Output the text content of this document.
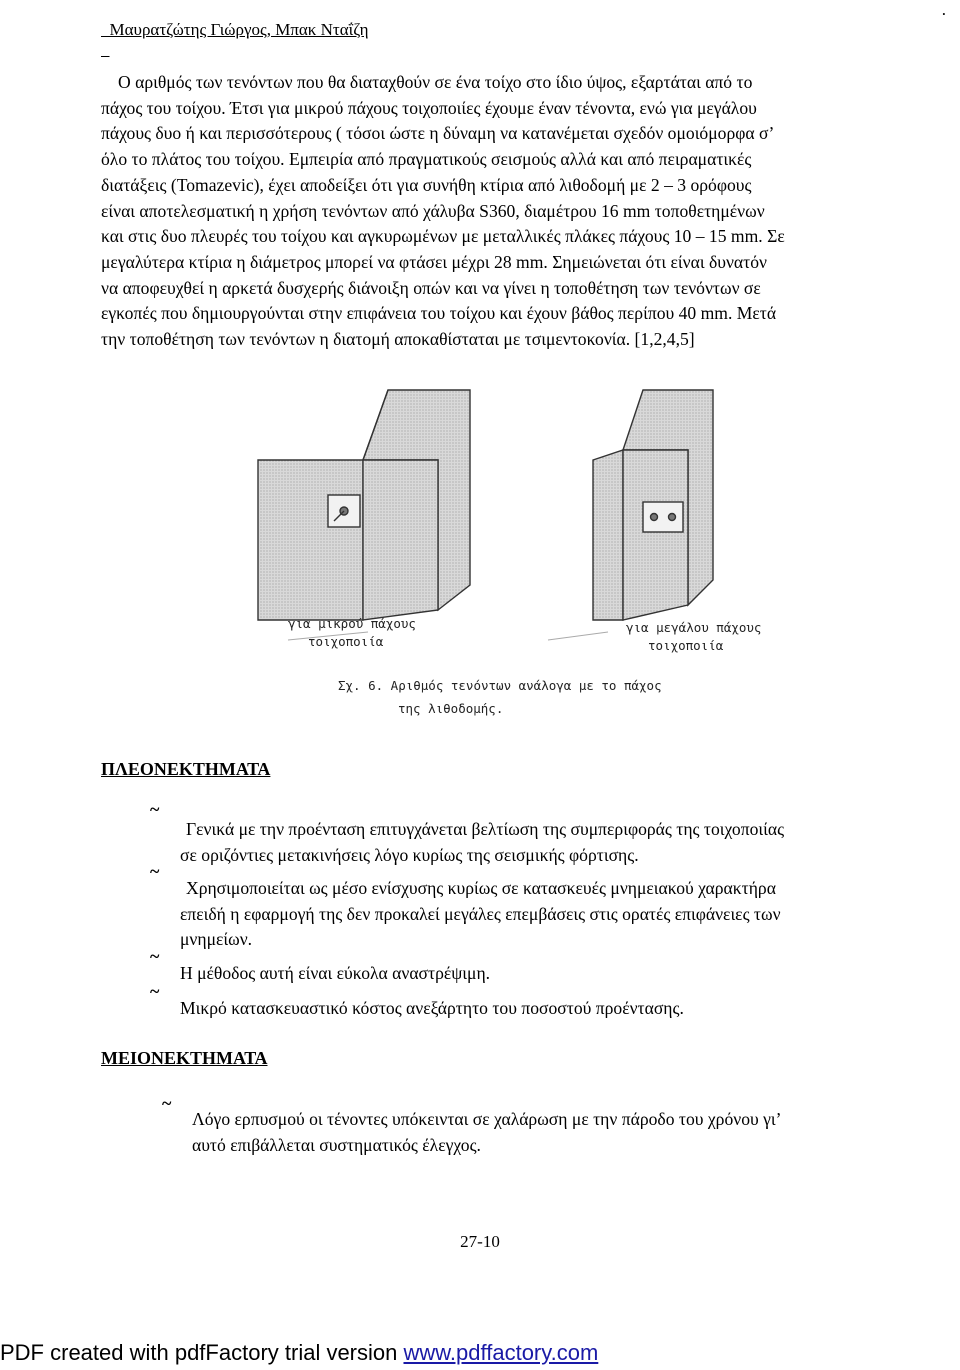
Μαυρατζώτης Γιώργος, Μπακ Νταΐζη

.

Ο αριθμός των τενόντων που θα διαταχθούν σε ένα τοίχο στο ίδιο ύψος, εξαρτάται από το
πάχος του τοίχου. Έτσι για μικρού πάχους τοιχοποιίες έχουμε έναν τένοντα, ενώ για μεγάλου
πάχους δυο ή και περισσότερους ( τόσοι ώστε η δύναμη να κατανέμεται σχεδόν ομοιόμορφα σ’
όλο το πλάτος του τοίχου. Εμπειρία από πραγματικούς σεισμούς αλλά και από πειραματικές
διατάξεις (Tomazevic), έχει αποδείξει ότι για συνήθη κτίρια από λιθοδομή με 2 – 3 ορόφους
είναι αποτελεσματική η χρήση τενόντων από χάλυβα S360, διαμέτρου 16 mm τοποθετημένων
και στις δυο πλευρές του τοίχου και αγκυρωμένων με μεταλλικές πλάκες πάχους 10 – 15 mm. Σε
μεγαλύτερα κτίρια η διάμετρος μπορεί να φτάσει μέχρι 28 mm. Σημειώνεται ότι είναι δυνατόν
να αποφευχθεί η αρκετά δυσχερής διάνοιξη οπών και να γίνει η τοποθέτηση των τενόντων σε
εγκοπές που δημιουργούνται στην επιφάνεια του τοίχου και έχουν βάθος περίπου 40 mm. Μετά
την τοποθέτηση των τενόντων η διατομή αποκαθίσταται με τσιμεντοκονία. [1,2,4,5]

για μικρού πάχους
τοιχοποιία
για μεγάλου πάχους
τοιχοποιία
Σχ. 6. Αριθμός τενόντων ανάλογα με το πάχος
της λιθοδομής.
ΠΛΕΟΝΕΚΤΗΜΑΤΑ
~
Γενικά με την προένταση επιτυγχάνεται βελτίωση της συμπεριφοράς της τοιχοποιίας
σε οριζόντιες μετακινήσεις λόγο κυρίως της σεισμικής φόρτισης.
~
Χρησιμοποιείται ως μέσο ενίσχυσης κυρίως σε κατασκευές μνημειακού χαρακτήρα
επειδή η εφαρμογή της δεν προκαλεί μεγάλες επεμβάσεις στις ορατές επιφάνειες των
μνημείων.
~
Η μέθοδος αυτή είναι εύκολα αναστρέψιμη.
~
Μικρό κατασκευαστικό κόστος ανεξάρτητο του ποσοστού προέντασης.
ΜΕΙΟΝΕΚΤΗΜΑΤΑ
~
Λόγο ερπυσμού οι τένοντες υπόκεινται σε χαλάρωση με την πάροδο του χρόνου γι’
αυτό επιβάλλεται συστηματικός έλεγχος.
27-10
PDF created with pdfFactory trial version www.pdffactory.com
